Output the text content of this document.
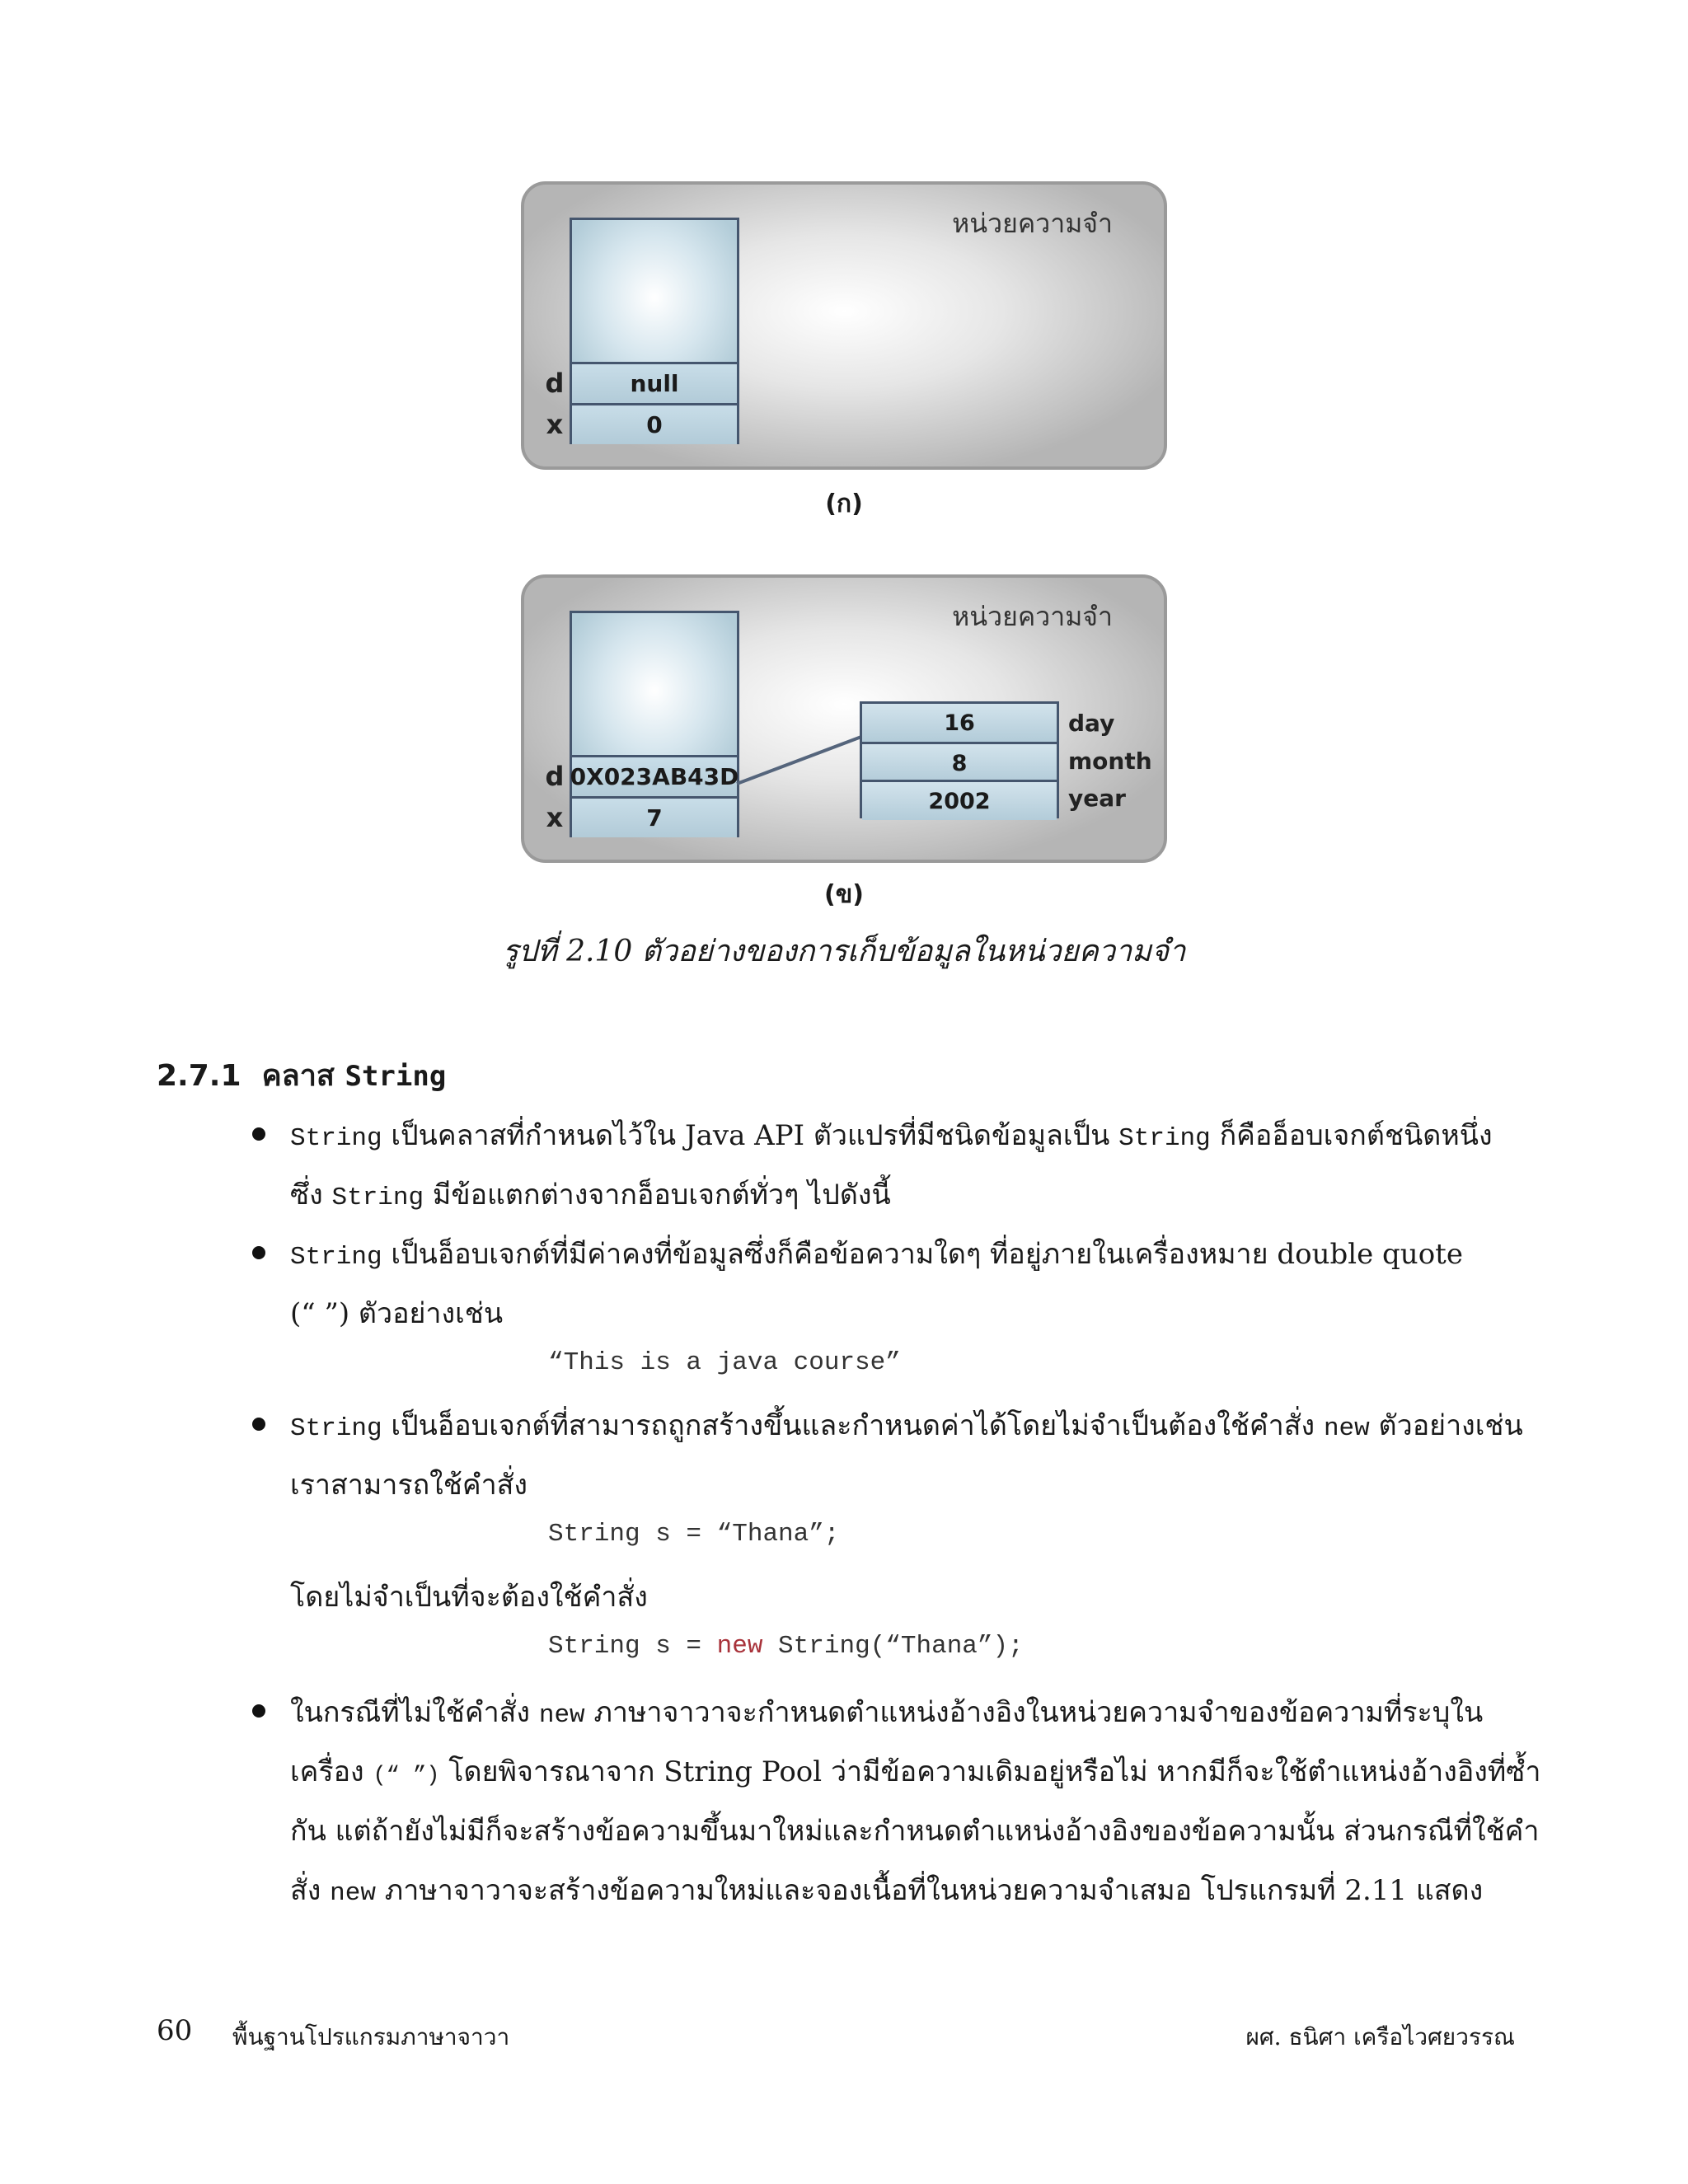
หน่วยความจำ
null
0
d
x
(ก)
หน่วยความจำ
0X023AB43D
7
d
x
16
8
2002
day
month
year
(ข)
รูปที่ 2.10 ตัวอย่างของการเก็บข้อมูลในหน่วยความจำ
2.7.1 คลาส String
String เป็นคลาสที่กำหนดไว้ใน Java API ตัวแปรที่มีชนิดข้อมูลเป็น String ก็คืออ็อบเจกต์ชนิดหนึ่ง
ซึ่ง String มีข้อแตกต่างจากอ็อบเจกต์ทั่วๆ ไปดังนี้
String เป็นอ็อบเจกต์ที่มีค่าคงที่ข้อมูลซึ่งก็คือข้อความใดๆ ที่อยู่ภายในเครื่องหมาย double quote
(“ ”) ตัวอย่างเช่น
“This is a java course”
String เป็นอ็อบเจกต์ที่สามารถถูกสร้างขึ้นและกำหนดค่าได้โดยไม่จำเป็นต้องใช้คำสั่ง new ตัวอย่างเช่น
เราสามารถใช้คำสั่ง
String s = “Thana”;
โดยไม่จำเป็นที่จะต้องใช้คำสั่ง
String s = new String(“Thana”);
ในกรณีที่ไม่ใช้คำสั่ง new ภาษาจาวาจะกำหนดตำแหน่งอ้างอิงในหน่วยความจำของข้อความที่ระบุใน
เครื่อง (“ ”) โดยพิจารณาจาก String Pool ว่ามีข้อความเดิมอยู่หรือไม่ หากมีก็จะใช้ตำแหน่งอ้างอิงที่ซ้ำ
กัน แต่ถ้ายังไม่มีก็จะสร้างข้อความขึ้นมาใหม่และกำหนดตำแหน่งอ้างอิงของข้อความนั้น ส่วนกรณีที่ใช้คำ
สั่ง new ภาษาจาวาจะสร้างข้อความใหม่และจองเนื้อที่ในหน่วยความจำเสมอ โปรแกรมที่ 2.11 แสดง
60 พื้นฐานโปรแกรมภาษาจาวา	ผศ. ธนิศา เครือไวศยวรรณ
